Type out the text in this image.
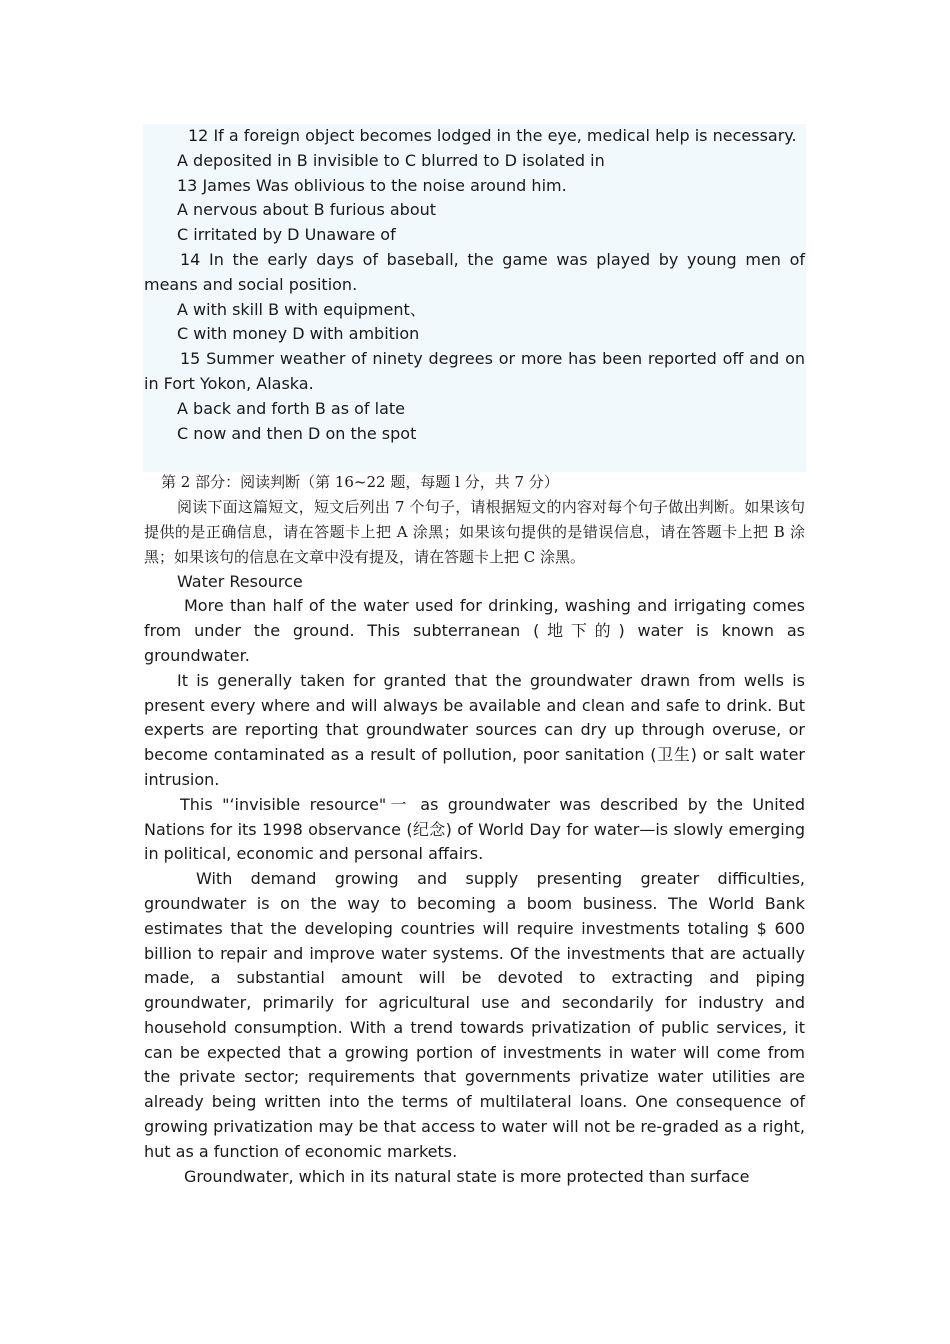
12 If a foreign object becomes lodged in the eye, medical help is necessary.

A deposited in B invisible to C blurred to D isolated in

13 James Was oblivious to the noise around him.

A nervous about B furious about

C irritated by D Unaware of

14 In the early days of baseball, the game was played by young men of means and social position.

A with skill B with equipment、

C with money D with ambition

15 Summer weather of ninety degrees or more has been reported off and on in Fort Yokon, Alaska.

A back and forth B as of late

C now and then D on the spot

第 2 部分：阅读判断（第 16~22 题，每题 l 分，共 7 分）

阅读下面这篇短文，短文后列出 7 个句子，请根据短文的内容对每个句子做出判断。如果该句提供的是正确信息，请在答题卡上把 A 涂黑；如果该句提供的是错误信息，请在答题卡上把 B 涂黑；如果该句的信息在文章中没有提及，请在答题卡上把 C 涂黑。

Water Resource

More than half of the water used for drinking, washing and irrigating comes from under the ground. This subterranean (地下的) water is known as groundwater.

It is generally taken for granted that the groundwater drawn from wells is present every where and will always be available and clean and safe to drink. But experts are reporting that groundwater sources can dry up through overuse, or become contaminated as a result of pollution, poor sanitation (卫生) or salt water intrusion.

This "‘invisible resource"一 as groundwater was described by the United Nations for its 1998 observance (纪念) of World Day for water—is slowly emerging in political, economic and personal affairs.

With demand growing and supply presenting greater difficulties, groundwater is on the way to becoming a boom business. The World Bank estimates that the developing countries will require investments totaling $ 600 billion to repair and improve water systems. Of the investments that are actually made, a substantial amount will be devoted to extracting and piping groundwater, primarily for agricultural use and secondarily for industry and household consumption. With a trend towards privatization of public services, it can be expected that a growing portion of investments in water will come from the private sector; requirements that governments privatize water utilities are already being written into the terms of multilateral loans. One consequence of growing privatization may be that access to water will not be re-graded as a right, hut as a function of economic markets.

Groundwater, which in its natural state is more protected than surface
